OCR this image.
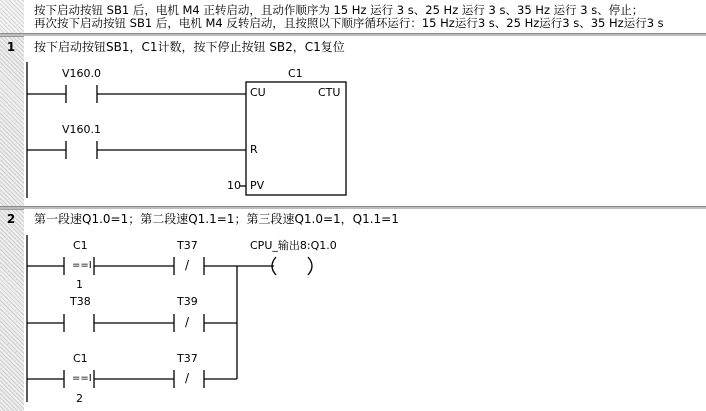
按下启动按钮 SB1 后，电机 M4 正转启动，且动作顺序为 15 Hz 运行 3 s、25 Hz 运行 3 s、35 Hz 运行 3 s、停止；
再次按下启动按钮 SB1 后，电机 M4 反转启动，且按照以下顺序循环运行：15 Hz运行3 s、25 Hz运行3 s、35 Hz运行3 s
1 按下启动按钮SB1，C1计数，按下停止按钮 SB2，C1复位
2 第一段速Q1.0=1；第二段速Q1.1=1；第三段速Q1.0=1，Q1.1=1
V160.0
V160.1
C1
CU	CTU
R
PV
10
C1
==I
1
T37
/
CPU_输出8:Q1.0
T38	T39
/
C1
==I
2
T37
/
